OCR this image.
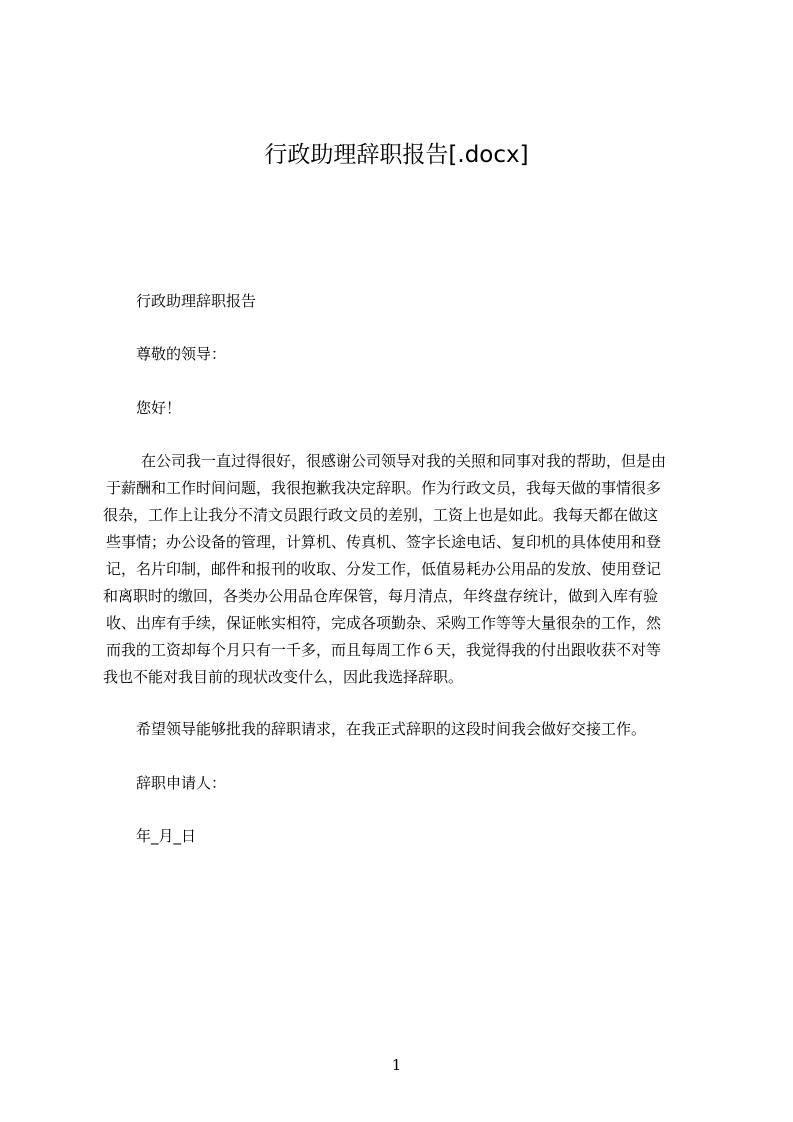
行政助理辞职报告[.docx]

行政助理辞职报告

尊敬的领导：

您好！

在公司我一直过得很好，很感谢公司领导对我的关照和同事对我的帮助，但是由

于薪酬和工作时间问题，我很抱歉我决定辞职。作为行政文员，我每天做的事情很多

很杂，工作上让我分不清文员跟行政文员的差别，工资上也是如此。我每天都在做这

些事情；办公设备的管理，计算机、传真机、签字长途电话、复印机的具体使用和登

记，名片印制，邮件和报刊的收取、分发工作，低值易耗办公用品的发放、使用登记

和离职时的缴回，各类办公用品仓库保管，每月清点，年终盘存统计，做到入库有验

收、出库有手续，保证帐实相符，完成各项勤杂、采购工作等等大量很杂的工作，然

而我的工资却每个月只有一千多，而且每周工作６天，我觉得我的付出跟收获不对等

我也不能对我目前的现状改变什么，因此我选择辞职。

希望领导能够批我的辞职请求，在我正式辞职的这段时间我会做好交接工作。

辞职申请人：

年_月_日

1
